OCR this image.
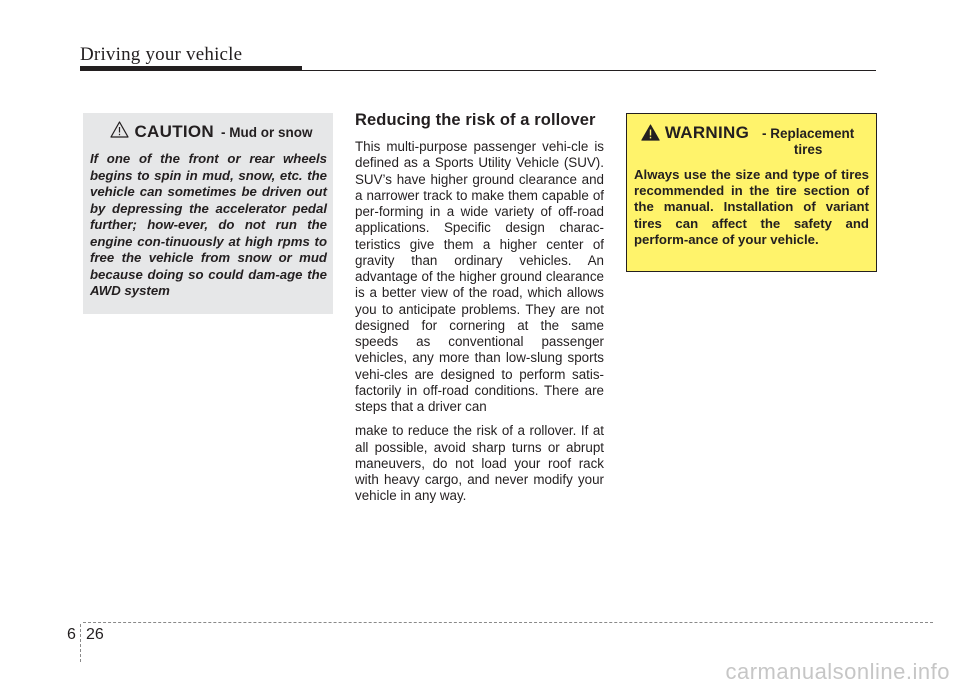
Driving your vehicle
CAUTION - Mud or snow

If one of the front or rear wheels begins to spin in mud, snow, etc. the vehicle can sometimes be driven out by depressing the accelerator pedal further; how-ever, do not run the engine con-tinuously at high rpms to free the vehicle from snow or mud because doing so could dam-age the AWD system

Reducing the risk of a rollover

This multi-purpose passenger vehi-cle is defined as a Sports Utility Vehicle (SUV). SUV’s have higher ground clearance and a narrower track to make them capable of per-forming in a wide variety of off-road applications. Specific design charac-teristics give them a higher center of gravity than ordinary vehicles. An advantage of the higher ground clearance is a better view of the road, which allows you to anticipate problems. They are not designed for cornering at the same speeds as conventional passenger vehicles, any more than low-slung sports vehi-cles are designed to perform satis-factorily in off-road conditions. There are steps that a driver can

make to reduce the risk of a rollover. If at all possible, avoid sharp turns or abrupt maneuvers, do not load your roof rack with heavy cargo, and never modify your vehicle in any way.

WARNING - Replacement tires

Always use the size and type of tires recommended in the tire section of the manual. Installation of variant tires can affect the safety and perform-ance of your vehicle.

6 26
carmanualsonline.info
